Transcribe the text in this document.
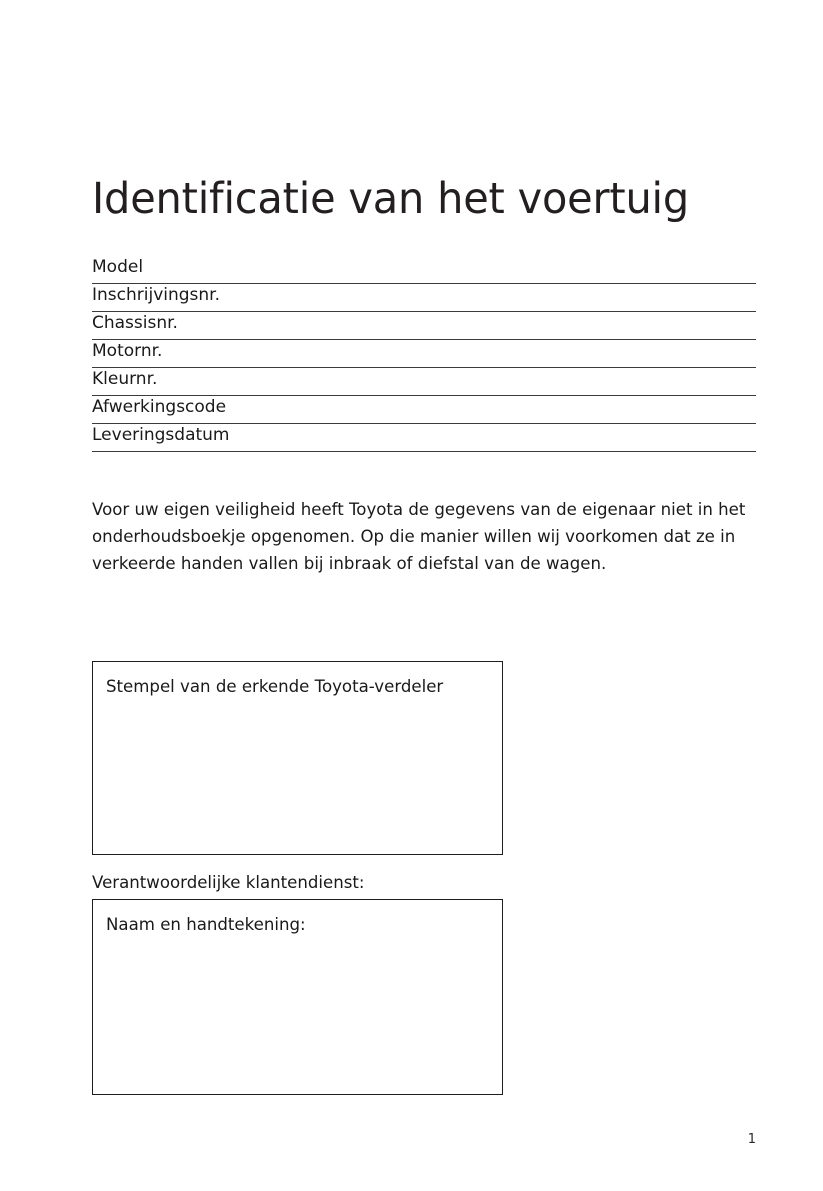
Identificatie van het voertuig
Model
Inschrijvingsnr.
Chassisnr.
Motornr.
Kleurnr.
Afwerkingscode
Leveringsdatum

Voor uw eigen veiligheid heeft Toyota de gegevens van de eigenaar niet in het onderhoudsboekje opgenomen. Op die manier willen wij voorkomen dat ze in verkeerde handen vallen bij inbraak of diefstal van de wagen.

Stempel van de erkende Toyota-verdeler
Verantwoordelijke klantendienst:
Naam en handtekening:
1
